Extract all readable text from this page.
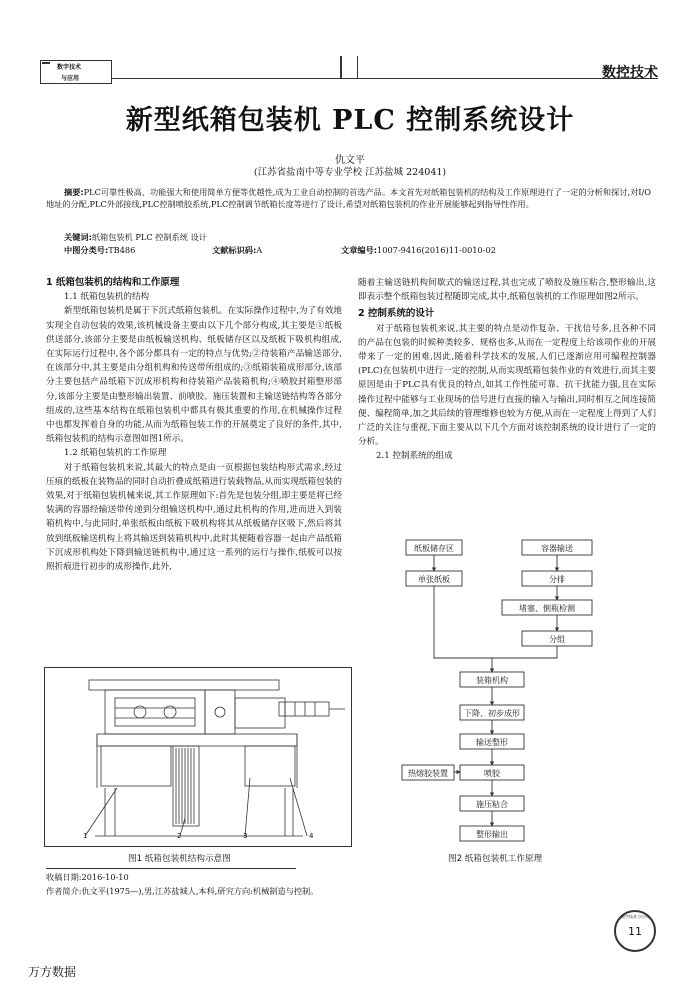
数字技术
与应用	数控技术
新型纸箱包装机 PLC 控制系统设计
仇文平
(江苏省盐南中等专业学校 江苏盐城 224041)
摘要:PLC可靠性极高、功能强大和使用简单方便等优越性,成为工业自动控制的首选产品。本文首先对纸箱包装机的结构及工作原理进行了一定的分析和探讨,对I/O地址的分配,PLC外部接线,PLC控制喷胶系统,PLC控制调节纸箱长度等进行了设计,希望对纸箱包装机的作业开展能够起到指导性作用。
关键词:纸箱包装机 PLC 控制系统 设计
中图分类号:TB486	文献标识码:A	文章编号:1007-9416(2016)11-0010-02
1 纸箱包装机的结构和工作原理
1.1 纸箱包装机的结构

新型纸箱包装机是属于下沉式纸箱包装机。在实际操作过程中,为了有效地实现全自动包装的效果,该机械设备主要由以下几个部分构成,其主要是①纸板供送部分,该部分主要是由纸板输送机构、纸板储存区以及纸板下吸机构组成,在实际运行过程中,各个部分都具有一定的特点与优势;②待装箱产品输送部分,在该部分中,其主要是由分组机构和传送带所组成的;③纸箱装箱成形部分,该部分主要包括产品纸箱下沉成形机构和待装箱产品装箱机构;④喷胶封箱整形部分,该部分主要是由整形输出装置、前喷胶、施压装置和主输送链结构等各部分组成的,这些基本结构在纸箱包装机中都具有极其重要的作用,在机械操作过程中也都发挥着自身的功能,从而为纸箱包装工作的开展奠定了良好的条件,其中,纸箱包装机的结构示意图如图1所示。

1.2 纸箱包装机的工作原理

对于纸箱包装机来说,其最大的特点是由一页根据包装结构形式需求,经过压痕的纸板在装物品的同时自动折叠成纸箱进行装载物品,从而实现纸箱包装的效果,对于纸箱包装机械来说,其工作原理如下:首先是包装分组,即主要是将已经装满的容器经输送带传递到分组输送机构中,通过此机构的作用,进而进入到装箱机构中,与此同时,单张纸板由纸板下吸机构将其从纸板储存区吸下,然后将其放到纸板输送机构上将其输送到装箱机构中,此时其便随着容器一起由产品纸箱下沉成形机构处下降到输送链机构中,通过这一系列的运行与操作,纸板可以按照折痕进行初步的成形操作,此外,

随着主输送链机构间歇式的输送过程,其也完成了喷胶及施压粘合,整形输出,这即表示整个纸箱包装过程随即完成,其中,纸箱包装机的工作原理如图2所示。

2 控制系统的设计

对于纸箱包装机来说,其主要的特点是动作复杂、干扰信号多,且各种不同的产品在包装的时候种类较多、规格也多,从而在一定程度上给该项作业的开展带来了一定的困难,因此,随着科学技术的发展,人们已逐渐应用可编程控制器(PLC)在包装机中进行一定的控制,从而实现纸箱包装作业的有效进行,而其主要原因是由于PLC具有优良的特点,如其工作性能可靠、抗干扰能力强,且在实际操作过程中能够与工业现场的信号进行直接的输入与输出,同时相互之间连接简便、编程简单,加之其后续的管理维修也较为方便,从而在一定程度上得到了人们广泛的关注与重视,下面主要从以下几个方面对该控制系统的设计进行了一定的分析。

2.1 控制系统的组成
1	2	3	4
图1 纸箱包装机结构示意图
纸板储存区
单张纸板
容器输送
分排
堵塞、倒瓶检测
分组
装箱机构
下降、初步成形
输送整形
热熔胶装置	喷胶
施压粘合
整形输出
图2 纸箱包装机工作原理
收稿日期:2016-10-10
作者简介:仇文平(1975—),男,江苏盐城人,本科,研究方向:机械制造与控制。
数字技术与应用
11
万方数据
